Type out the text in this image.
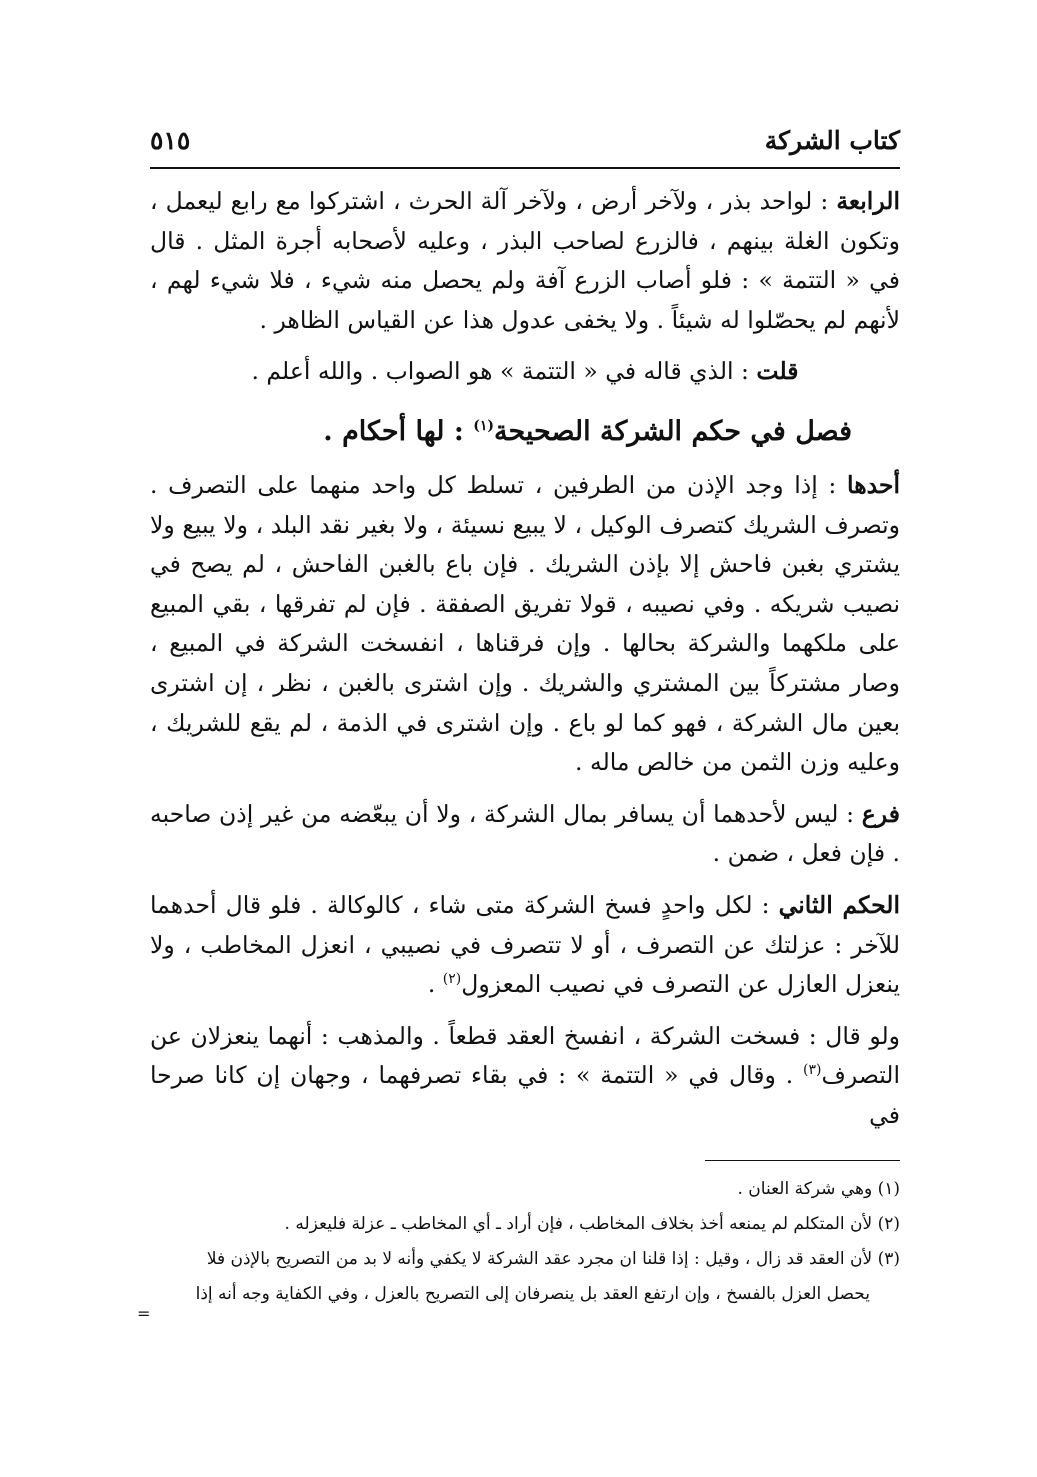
٥١٥	كتاب الشركة

الرابعة : لواحد بذر ، ولآخر أرض ، ولآخر آلة الحرث ، اشتركوا مع رابع ليعمل ، وتكون الغلة بينهم ، فالزرع لصاحب البذر ، وعليه لأصحابه أجرة المثل . قال في « التتمة » : فلو أصاب الزرع آفة ولم يحصل منه شيء ، فلا شيء لهم ، لأنهم لم يحصّلوا له شيئاً . ولا يخفى عدول هذا عن القياس الظاهر .

قلت : الذي قاله في « التتمة » هو الصواب . والله أعلم .

فصل في حكم الشركة الصحيحة$^{(١)}$ : لها أحكام .

أحدها : إذا وجد الإذن من الطرفين ، تسلط كل واحد منهما على التصرف . وتصرف الشريك كتصرف الوكيل ، لا يبيع نسيئة ، ولا بغير نقد البلد ، ولا يبيع ولا يشتري بغبن فاحش إلا بإذن الشريك . فإن باع بالغبن الفاحش ، لم يصح في نصيب شريكه . وفي نصيبه ، قولا تفريق الصفقة . فإن لم تفرقها ، بقي المبيع على ملكهما والشركة بحالها . وإن فرقناها ، انفسخت الشركة في المبيع ، وصار مشتركاً بين المشتري والشريك . وإن اشترى بالغبن ، نظر ، إن اشترى بعين مال الشركة ، فهو كما لو باع . وإن اشترى في الذمة ، لم يقع للشريك ، وعليه وزن الثمن من خالص ماله .

فرع : ليس لأحدهما أن يسافر بمال الشركة ، ولا أن يبعّضه من غير إذن صاحبه . فإن فعل ، ضمن .

الحكم الثاني : لكل واحدٍ فسخ الشركة متى شاء ، كالوكالة . فلو قال أحدهما للآخر : عزلتك عن التصرف ، أو لا تتصرف في نصيبي ، انعزل المخاطب ، ولا ينعزل العازل عن التصرف في نصيب المعزول$^{(٢)}$ .

ولو قال : فسخت الشركة ، انفسخ العقد قطعاً . والمذهب : أنهما ينعزلان عن التصرف$^{(٣)}$ . وقال في « التتمة » : في بقاء تصرفهما ، وجهان إن كانا صرحا في

(١) وهي شركة العنان .

(٢) لأن المتكلم لم يمنعه أخذ بخلاف المخاطب ، فإن أراد ـ أي المخاطب ـ عزلة فليعزله .

(٣) لأن العقد قد زال ، وقيل : إذا قلنا ان مجرد عقد الشركة لا يكفي وأنه لا بد من التصريح بالإذن فلا

يحصل العزل بالفسخ ، وإن ارتفع العقد بل ينصرفان إلى التصريح بالعزل ، وفي الكفاية وجه أنه إذا

=
